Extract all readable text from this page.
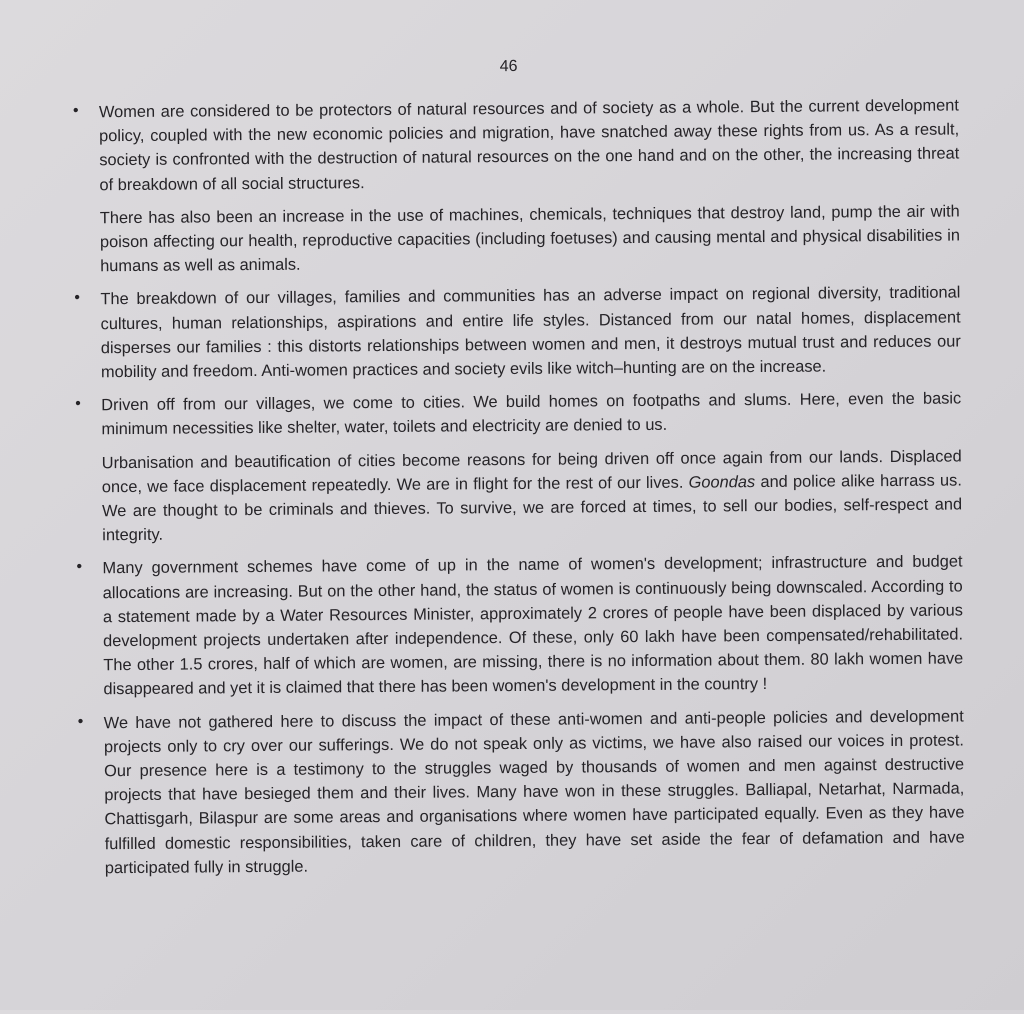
46
• Women are considered to be protectors of natural resources and of society as a whole. But the current development policy, coupled with the new economic policies and migration, have snatched away these rights from us. As a result, society is confronted with the destruction of natural resources on the one hand and on the other, the increasing threat of breakdown of all social structures.

There has also been an increase in the use of machines, chemicals, techniques that destroy land, pump the air with poison affecting our health, reproductive capacities (including foetuses) and causing mental and physical disabilities in humans as well as animals.

• The breakdown of our villages, families and communities has an adverse impact on regional diversity, traditional cultures, human relationships, aspirations and entire life styles. Distanced from our natal homes, displacement disperses our families : this distorts relationships between women and men, it destroys mutual trust and reduces our mobility and freedom. Anti-women practices and society evils like witch–hunting are on the increase.

• Driven off from our villages, we come to cities. We build homes on footpaths and slums. Here, even the basic minimum necessities like shelter, water, toilets and electricity are denied to us.

Urbanisation and beautification of cities become reasons for being driven off once again from our lands. Displaced once, we face displacement repeatedly. We are in flight for the rest of our lives. Goondas and police alike harrass us. We are thought to be criminals and thieves. To survive, we are forced at times, to sell our bodies, self-respect and integrity.

• Many government schemes have come of up in the name of women's development; infrastructure and budget allocations are increasing. But on the other hand, the status of women is continuously being downscaled. According to a statement made by a Water Resources Minister, approximately 2 crores of people have been displaced by various development projects undertaken after independence. Of these, only 60 lakh have been compensated/rehabilitated. The other 1.5 crores, half of which are women, are missing, there is no information about them. 80 lakh women have disappeared and yet it is claimed that there has been women's development in the country !

• We have not gathered here to discuss the impact of these anti-women and anti-people policies and development projects only to cry over our sufferings. We do not speak only as victims, we have also raised our voices in protest. Our presence here is a testimony to the struggles waged by thousands of women and men against destructive projects that have besieged them and their lives. Many have won in these struggles. Balliapal, Netarhat, Narmada, Chattisgarh, Bilaspur are some areas and organisations where women have participated equally. Even as they have fulfilled domestic responsibilities, taken care of children, they have set aside the fear of defamation and have participated fully in struggle.
